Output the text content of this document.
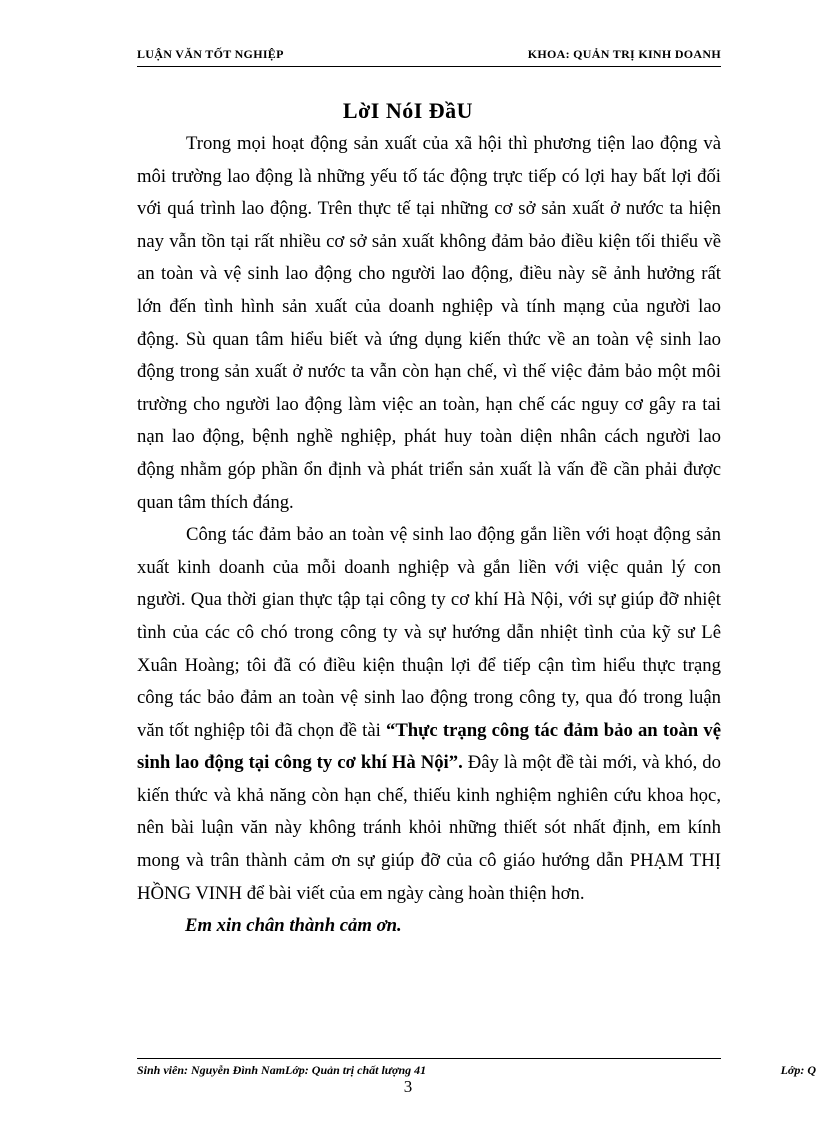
LUẬN VĂN TỐT NGHIỆP	KHOA: QUẢN TRỊ KINH DOANH
LờI NóI ĐầU

Trong mọi hoạt động sản xuất của xã hội thì phương tiện lao động và môi trường lao động là những yếu tố tác động trực tiếp có lợi hay bất lợi đối với quá trình lao động. Trên thực tế tại những cơ sở sản xuất ở nước ta hiện nay vẫn tồn tại rất nhiều cơ sở sản xuất không đảm bảo điều kiện tối thiểu về an toàn và vệ sinh lao động cho người lao động, điều này sẽ ảnh hưởng rất lớn đến tình hình sản xuất của doanh nghiệp và tính mạng của người lao động. Sù quan tâm hiểu biết và ứng dụng kiến thức về an toàn vệ sinh lao động trong sản xuất ở nước ta vẫn còn hạn chế, vì thế việc đảm bảo một môi trường cho người lao động làm việc an toàn, hạn chế các nguy cơ gây ra tai nạn lao động, bệnh nghề nghiệp, phát huy toàn diện nhân cách người lao động nhằm góp phần ổn định và phát triển sản xuất là vấn đề cần phải được quan tâm thích đáng.

Công tác đảm bảo an toàn vệ sinh lao động gắn liền với hoạt động sản xuất kinh doanh của mỗi doanh nghiệp và gắn liền với việc quản lý con người. Qua thời gian thực tập tại công ty cơ khí Hà Nội, với sự giúp đỡ nhiệt tình của các cô chó trong công ty và sự hướng dẫn nhiệt tình của kỹ sư Lê Xuân Hoàng; tôi đã có điều kiện thuận lợi để tiếp cận tìm hiểu thực trạng công tác bảo đảm an toàn vệ sinh lao động trong công ty, qua đó trong luận văn tốt nghiệp tôi đã chọn đề tài “Thực trạng công tác đảm bảo an toàn vệ sinh lao động tại công ty cơ khí Hà Nội”. Đây là một đề tài mới, và khó, do kiến thức và khả năng còn hạn chế, thiếu kinh nghiệm nghiên cứu khoa học, nên bài luận văn này không tránh khỏi những thiết sót nhất định, em kính mong và trân thành cảm ơn sự giúp đỡ của cô giáo hướng dẫn PHẠM THỊ HỒNG VINH để bài viết của em ngày càng hoàn thiện hơn.

Em xin chân thành cảm ơn.

Sinh viên: Nguyễn Đình NamLớp: Quản trị chất lượng 41	Lớp: Q
3
